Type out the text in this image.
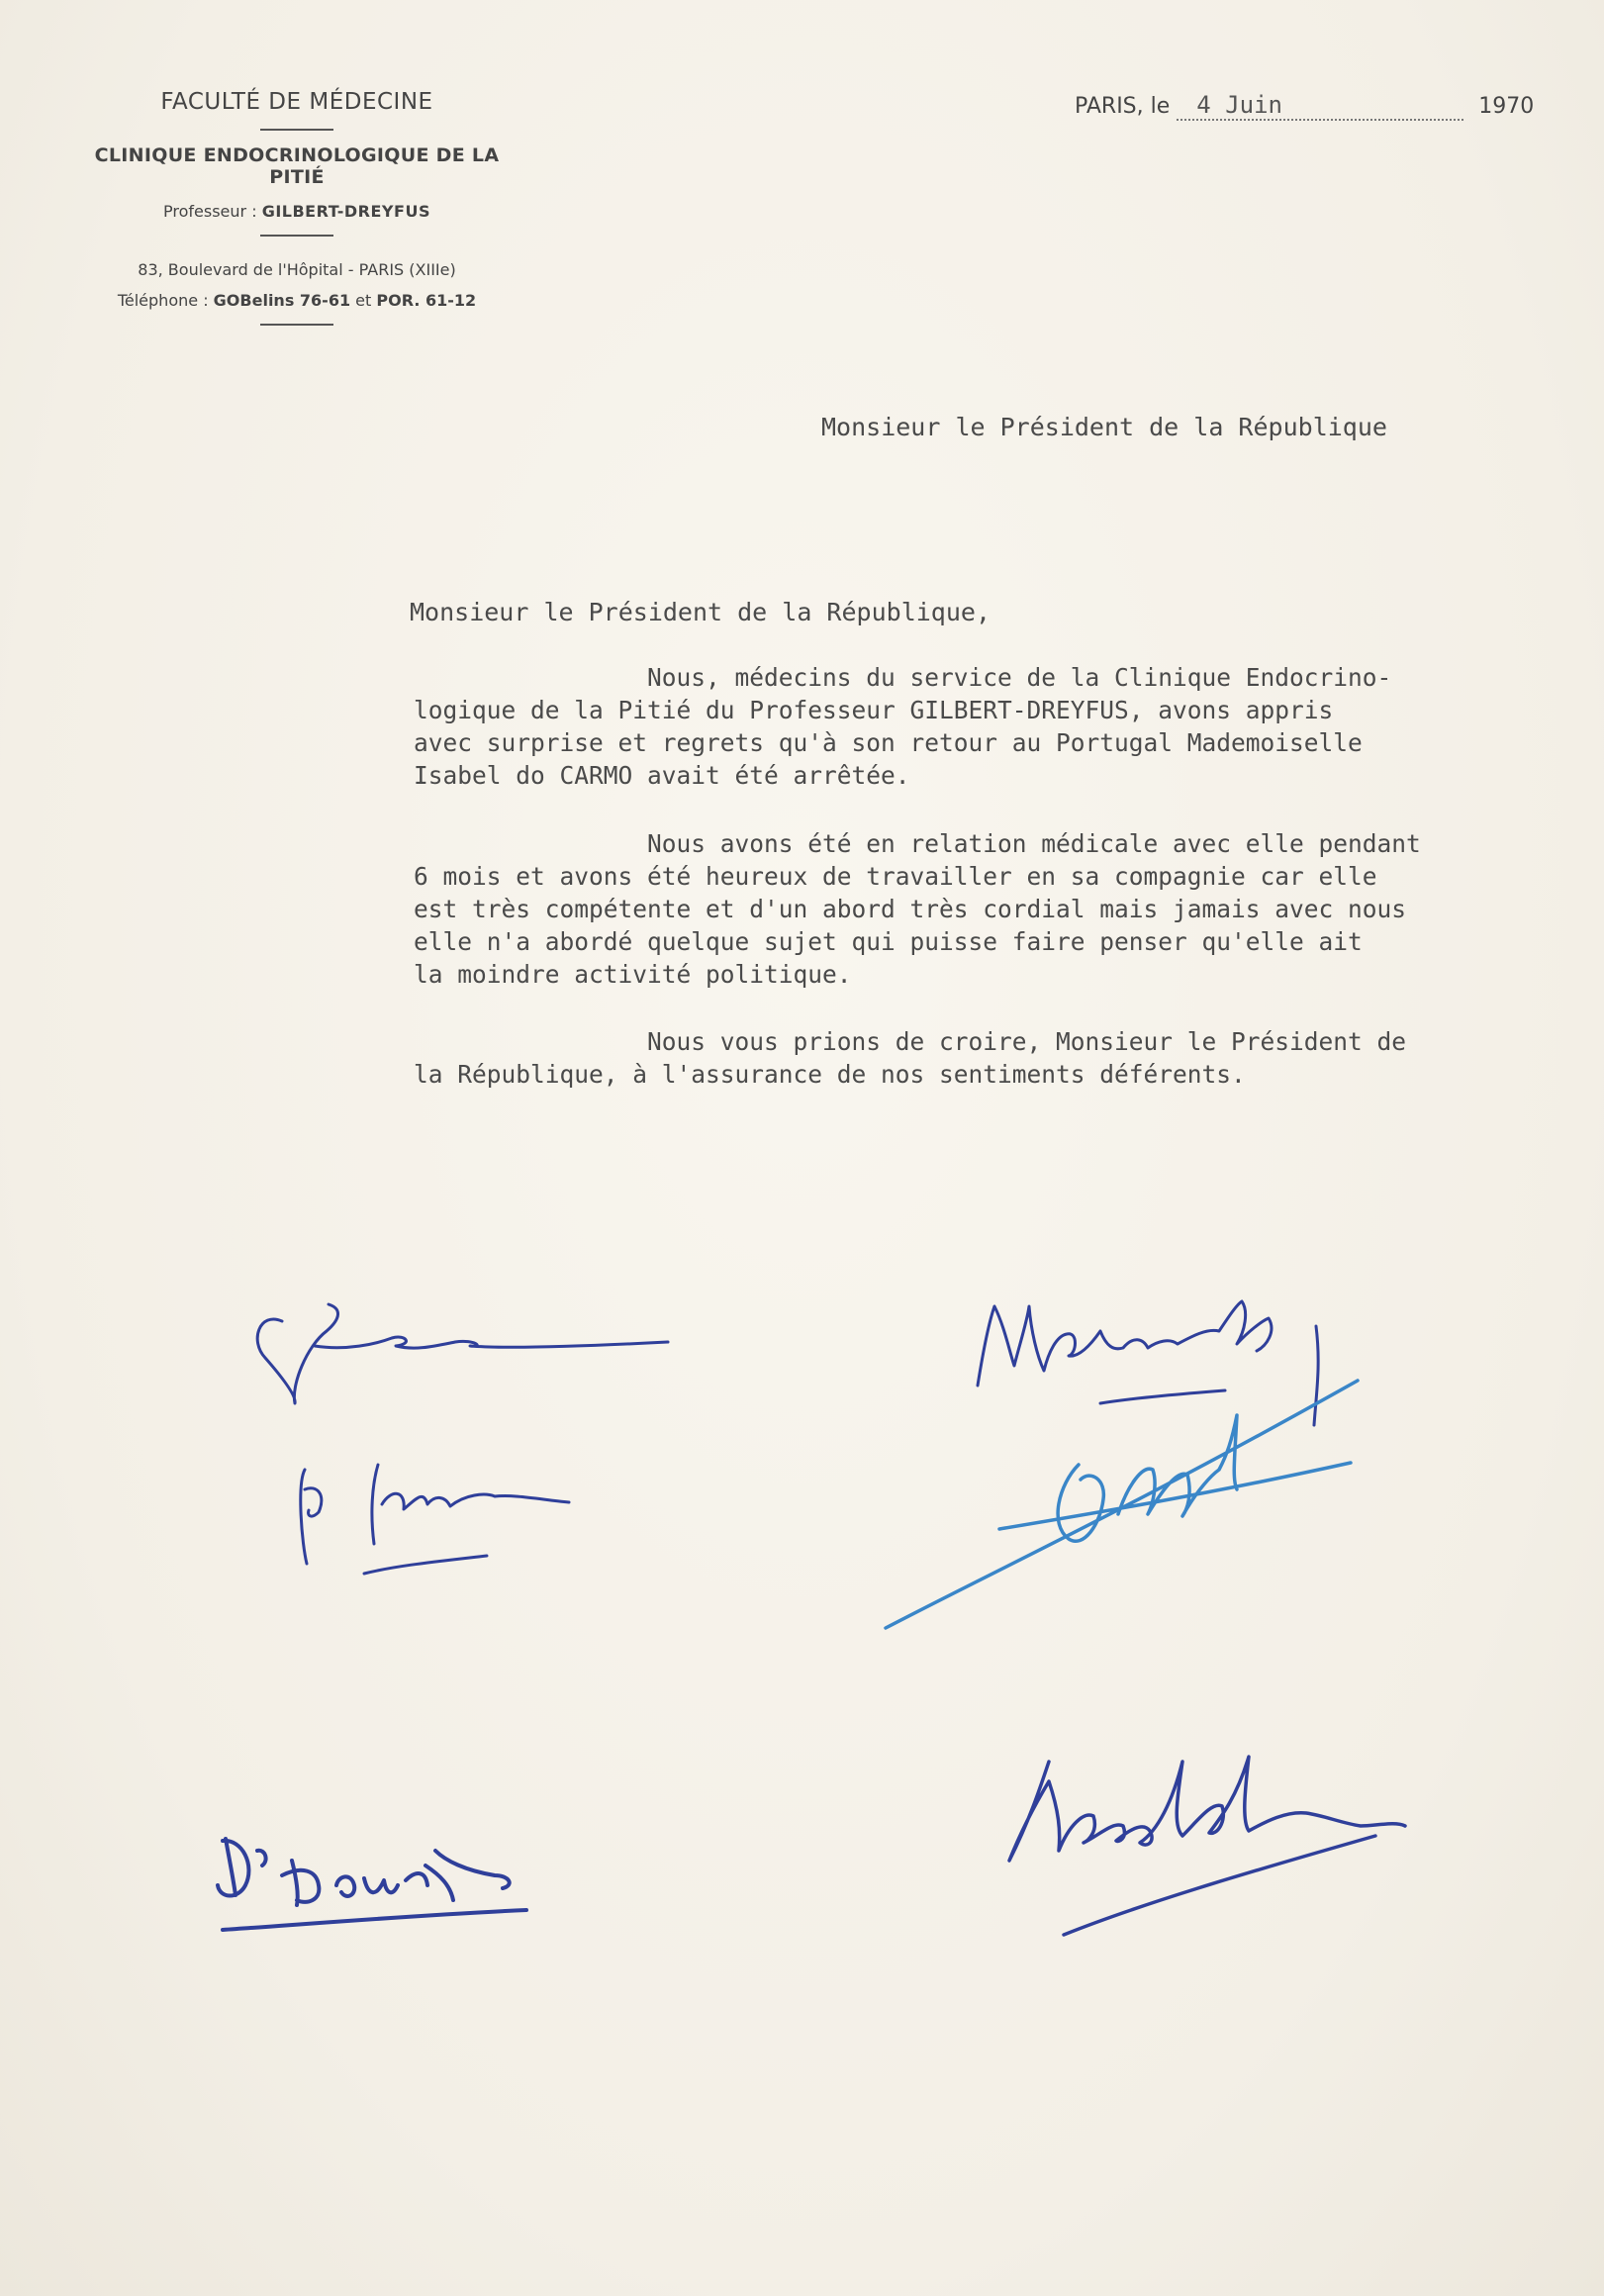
FACULTÉ DE MÉDECINE
CLINIQUE ENDOCRINOLOGIQUE DE LA PITIÉ
Professeur : GILBERT-DREYFUS
83, Boulevard de l'Hôpital - PARIS (XIIIe)
Téléphone : GOBelins 76-61 et POR. 61-12
PARIS, le 4 Juin	1970
Monsieur le Président de la République
Monsieur le Président de la République,
Nous, médecins du service de la Clinique Endocrino-
logique de la Pitié du Professeur GILBERT-DREYFUS, avons appris
avec surprise et regrets qu'à son retour au Portugal Mademoiselle
Isabel do CARMO avait été arrêtée.
Nous avons été en relation médicale avec elle pendant
6 mois et avons été heureux de travailler en sa compagnie car elle
est très compétente et d'un abord très cordial mais jamais avec nous
elle n'a abordé quelque sujet qui puisse faire penser qu'elle ait
la moindre activité politique.
Nous vous prions de croire, Monsieur le Président de
la République, à l'assurance de nos sentiments déférents.
